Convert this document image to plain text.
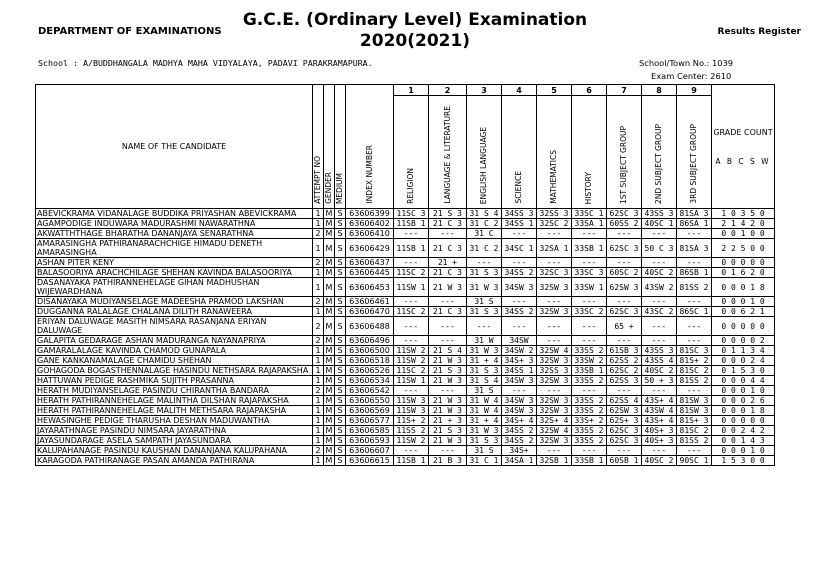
DEPARTMENT OF EXAMINATIONS
G.C.E. (Ordinary Level) Examination
2020(2021)	Results Register
School : A/BUDDHANGALA MADHYA MAHA VIDYALAYA, PADAVI PARAKRAMAPURA.	School/Town No.: 1039
Exam Center: 2610
NAME OF THE CANDIDATE	ATTEMPT NO	GENDER	MEDIUM	INDEX NUMBER	1	2	3	4	5	6	7	8	9	GRADE COUNT
A B C S W

					RELIGION	LANGUAGE & LITERATURE	ENGLISH LANGUAGE	SCIENCE	MATHEMATICS	HISTORY	1ST SUBJECT GROUP	2ND SUBJECT GROUP	3RD SUBJECT GROUP	
ABEVICKRAMA VIDANALAGE BUDDIKA PRIYASHAN ABEVICKRAMA	1	M	S	63606399	11SC 3	21 S 3	31 S 4	34SS 3	32SS 3	33SC 1	62SC 3	43SS 3	81SA 3	1 0 3 5 0
AGAMPODIGE INDUWARA MADURASHMI NAWARATHNA	1	M	S	63606402	11SB 1	21 C 3	31 C 2	34SS 1	32SC 2	33SA 1	60SS 2	40SC 1	86SA 1	2 1 4 2 0
AKWATTHTHAGE BHARATHA DANANJAYA SENARATHNA	2	M	S	63606410	---	---	31 C	---	---	---	---	---	---	0 0 1 0 0
AMARASINGHA PATHIRANARACHCHIGE HIMADU DENETH AMARASINGHA	1	M	S	63606429	11SB 1	21 C 3	31 C 2	34SC 1	32SA 1	33SB 1	62SC 3	50 C 3	81SA 3	2 2 5 0 0
ASHAN PITER KENY	2	M	S	63606437	---	21 +	---	---	---	---	---	---	---	0 0 0 0 0
BALASOORIYA ARACHCHILAGE SHEHAN KAVINDA BALASOORIYA	1	M	S	63606445	11SC 2	21 C 3	31 S 3	34SS 2	32SC 3	33SC 3	60SC 2	40SC 2	86SB 1	0 1 6 2 0
DASANAYAKA PATHIRANNEHELAGE GIHAN MADHUSHAN WIJEWARDHANA	1	M	S	63606453	11SW 1	21 W 3	31 W 3	34SW 3	32SW 3	33SW 1	62SW 3	43SW 2	81SS 2	0 0 0 1 8
DISANAYAKA MUDIYANSELAGE MADEESHA PRAMOD LAKSHAN	2	M	S	63606461	---	---	31 S	---	---	---	---	---	---	0 0 0 1 0
DUGGANNA RALALAGE CHALANA DILITH RANAWEERA	1	M	S	63606470	11SC 2	21 C 3	31 S 3	34SS 2	32SW 3	33SC 2	62SC 3	43SC 2	86SC 1	0 0 6 2 1
ERIYAN DALUWAGE MASITH NIMSARA RASANJANA ERIYAN DALUWAGE	2	M	S	63606488	---	---	---	---	---	---	65 +	---	---	0 0 0 0 0
GALAPITA GEDARAGE ASHAN MADURANGA NAYANAPRIYA	2	M	S	63606496	---	---	31 W	34SW	---	---	---	---	---	0 0 0 0 2
GAMARALALAGE KAVINDA CHAMOD GUNAPALA	1	M	S	63606500	11SW 2	21 S 4	31 W 3	34SW 2	32SW 4	33SS 2	61SB 3	43SS 3	81SC 3	0 1 1 3 4
GANE KANKANAMALAGE CHAMIDU SHEHAN	1	M	S	63606518	11SW 2	21 W 3	31 + 4	34S+ 3	32SW 3	33SW 2	62SS 2	43SS 4	81S+ 2	0 0 0 2 4
GOHAGODA BOGASTHENNALAGE HASINDU NETHSARA RAJAPAKSHA	1	M	S	63606526	11SC 2	21 S 3	31 S 3	34SS 1	32SS 3	33SB 1	62SC 2	40SC 2	81SC 2	0 1 5 3 0
HATTUWAN PEDIGE RASHMIKA SUJITH PRASANNA	1	M	S	63606534	11SW 1	21 W 3	31 S 4	34SW 3	32SW 3	33SS 2	62SS 3	50 + 3	81SS 2	0 0 0 4 4
HERATH MUDIYANSELAGE PASINDU CHIRANTHA BANDARA	2	M	S	63606542	---	---	31 S	---	---	---	---	---	---	0 0 0 1 0
HERATH PATHIRANNEHELAGE MALINTHA DILSHAN RAJAPAKSHA	1	M	S	63606550	11SW 3	21 W 3	31 W 4	34SW 3	32SW 3	33SS 2	62SS 4	43S+ 4	81SW 3	0 0 0 2 6
HERATH PATHIRANNEHELAGE MALITH METHSARA RAJAPAKSHA	1	M	S	63606569	11SW 3	21 W 3	31 W 4	34SW 3	32SW 3	33SS 2	62SW 3	43SW 4	81SW 3	0 0 0 1 8
HEWASINGHE PEDIGE THARUSHA DESHAN MADUWANTHA	1	M	S	63606577	11S+ 2	21 + 3	31 + 4	34S+ 4	32S+ 4	33S+ 2	62S+ 3	43S+ 4	81S+ 3	0 0 0 0 0
JAYARATHNAGE PASINDU NIMSARA JAYARATHNA	1	M	S	63606585	11SS 2	21 S 3	31 W 3	34SS 2	32SW 4	33SS 2	62SC 3	40S+ 3	81SC 2	0 0 2 4 2
JAYASUNDARAGE ASELA SAMPATH JAYASUNDARA	1	M	S	63606593	11SW 2	21 W 3	31 S 3	34SS 2	32SW 3	33SS 2	62SC 3	40S+ 3	81SS 2	0 0 1 4 3
KALUPAHANAGE PASINDU KAUSHAN DANANJANA KALUPAHANA	2	M	S	63606607	---	---	31 S	34S+	---	---	---	---	---	0 0 0 1 0
KARAGODA PATHIRANAGE PASAN AMANDA PATHIRANA	1	M	S	63606615	11SB 1	21 B 3	31 C 1	34SA 1	32SB 1	33SB 1	60SB 1	40SC 2	90SC 1	1 5 3 0 0
